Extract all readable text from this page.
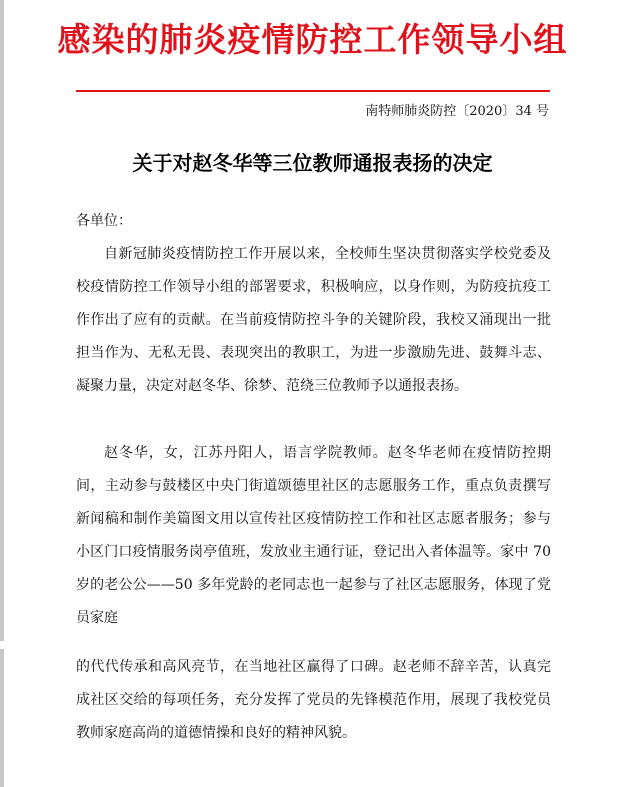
感染的肺炎疫情防控工作领导小组
南特师肺炎防控〔2020〕34 号
关于对赵冬华等三位教师通报表扬的决定
各单位：

自新冠肺炎疫情防控工作开展以来，全校师生坚决贯彻落实学校党委及校疫情防控工作领导小组的部署要求，积极响应，以身作则，为防疫抗疫工作作出了应有的贡献。在当前疫情防控斗争的关键阶段，我校又涌现出一批担当作为、无私无畏、表现突出的教职工，为进一步激励先进、鼓舞斗志、凝聚力量，决定对赵冬华、徐梦、范绕三位教师予以通报表扬。

赵冬华，女，江苏丹阳人，语言学院教师。赵冬华老师在疫情防控期间，主动参与鼓楼区中央门街道颂德里社区的志愿服务工作，重点负责撰写新闻稿和制作美篇图文用以宣传社区疫情防控工作和社区志愿者服务；参与小区门口疫情服务岗亭值班，发放业主通行证，登记出入者体温等。家中 70 岁的老公公——50 多年党龄的老同志也一起参与了社区志愿服务，体现了党员家庭

的代代传承和高风亮节，在当地社区赢得了口碑。赵老师不辞辛苦，认真完成社区交给的每项任务，充分发挥了党员的先锋模范作用，展现了我校党员教师家庭高尚的道德情操和良好的精神风貌。
